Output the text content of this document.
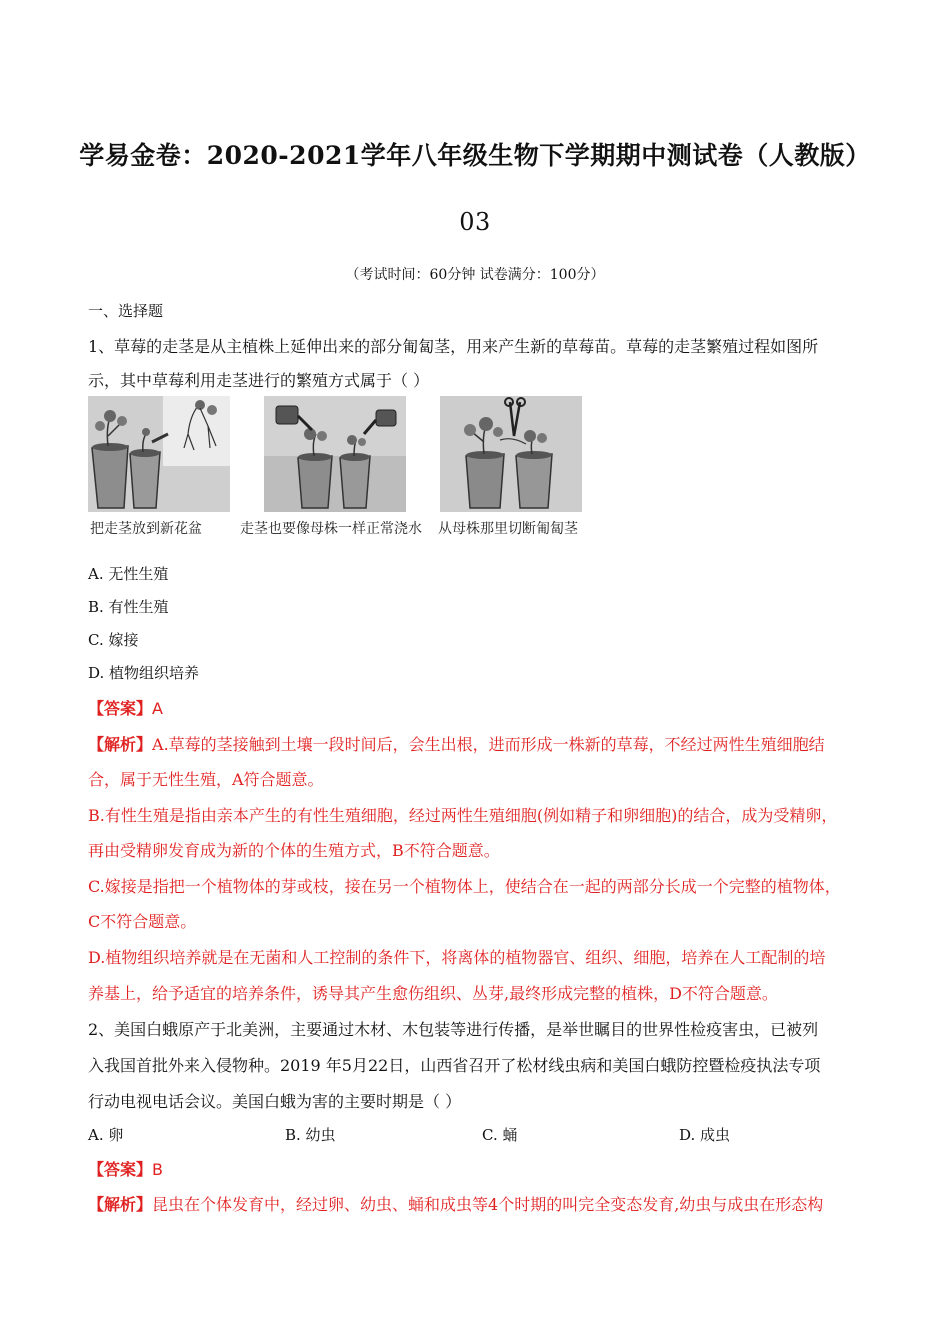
学易金卷：2020-2021学年八年级生物下学期期中测试卷（人教版）
03
（考试时间：60分钟 试卷满分：100分）
一、选择题
1、草莓的走茎是从主植株上延伸出来的部分匍匐茎，用来产生新的草莓苗。草莓的走茎繁殖过程如图所
示，其中草莓利用走茎进行的繁殖方式属于（ ）
把走茎放到新花盆	走茎也要像母株一样正常浇水 从母株那里切断匍匐茎
A. 无性生殖
B. 有性生殖
C. 嫁接
D. 植物组织培养
【答案】A
【解析】A.草莓的茎接触到土壤一段时间后，会生出根，进而形成一株新的草莓，不经过两性生殖细胞结
合，属于无性生殖，A符合题意。
B.有性生殖是指由亲本产生的有性生殖细胞，经过两性生殖细胞(例如精子和卵细胞)的结合，成为受精卵，
再由受精卵发育成为新的个体的生殖方式，B不符合题意。
C.嫁接是指把一个植物体的芽或枝，接在另一个植物体上，使结合在一起的两部分长成一个完整的植物体，
C不符合题意。
D.植物组织培养就是在无菌和人工控制的条件下，将离体的植物器官、组织、细胞，培养在人工配制的培
养基上，给予适宜的培养条件，诱导其产生愈伤组织、丛芽,最终形成完整的植株，D不符合题意。
2、美国白蛾原产于北美洲，主要通过木材、木包装等进行传播，是举世瞩目的世界性检疫害虫，已被列
入我国首批外来入侵物种。2019 年5月22日，山西省召开了松材线虫病和美国白蛾防控暨检疫执法专项
行动电视电话会议。美国白蛾为害的主要时期是（ ）
A. 卵	B. 幼虫	C. 蛹	D. 成虫
【答案】B
【解析】昆虫在个体发育中，经过卵、幼虫、蛹和成虫等4个时期的叫完全变态发育,幼虫与成虫在形态构
